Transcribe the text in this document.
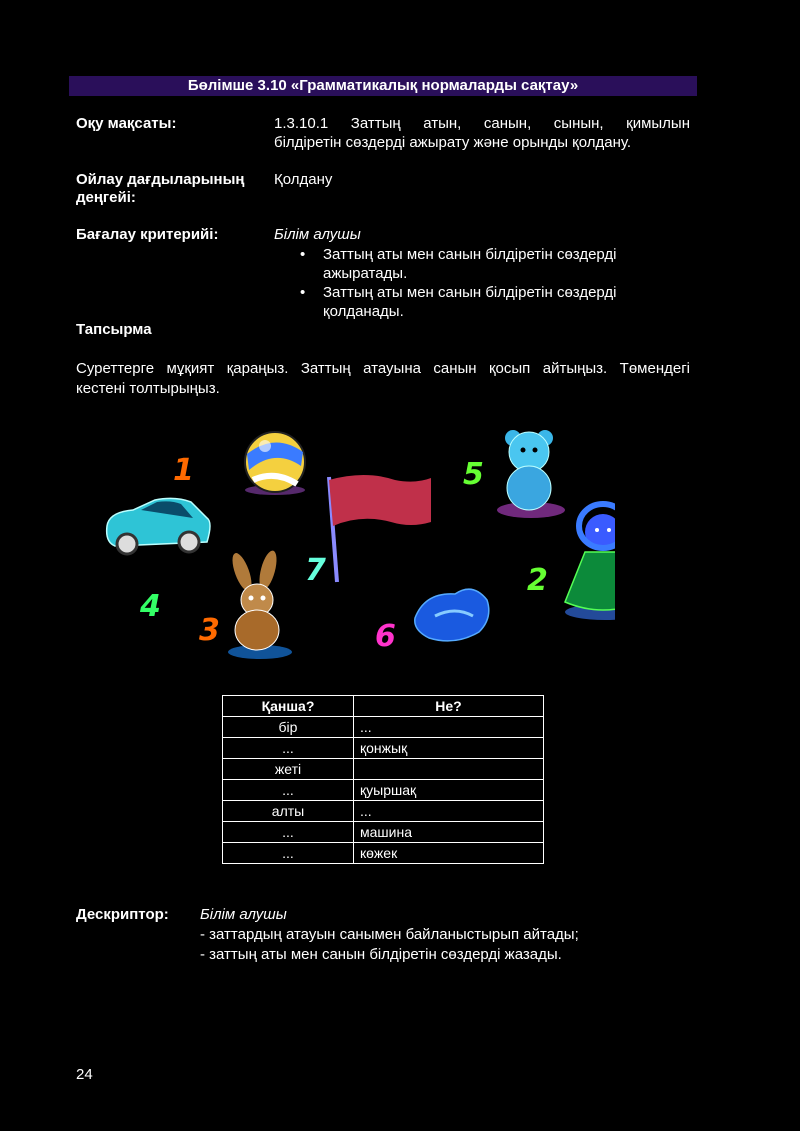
Бөлімше 3.10 «Грамматикалық нормаларды сақтау»
Оқу мақсаты:	1.3.10.1 Заттың атын, санын, сынын, қимылын
білдіретін сөздерді ажырату және орынды қолдану.
Ойлау дағдыларының
деңгейі:
Қолдану
Бағалау критерийі:	Білім алушы
• Заттың аты мен санын білдіретін сөздерді
ажыратады.
• Заттың аты мен санын білдіретін сөздерді
қолданады.
Тапсырма
Суреттерге мұқият қараңыз. Заттың атауына санын қосып айтыңыз. Төмендегі
кестені толтырыңыз.
1
2
3
4
5
6
7
Қанша?	Не?
бір	...
...	қонжық
жеті	
...	қуыршақ
алты	...
...	машина
...	көжек
Дескриптор: Білім алушы
- заттардың атауын санымен байланыстырып айтады;
- заттың аты мен санын білдіретін сөздерді жазады.
24
